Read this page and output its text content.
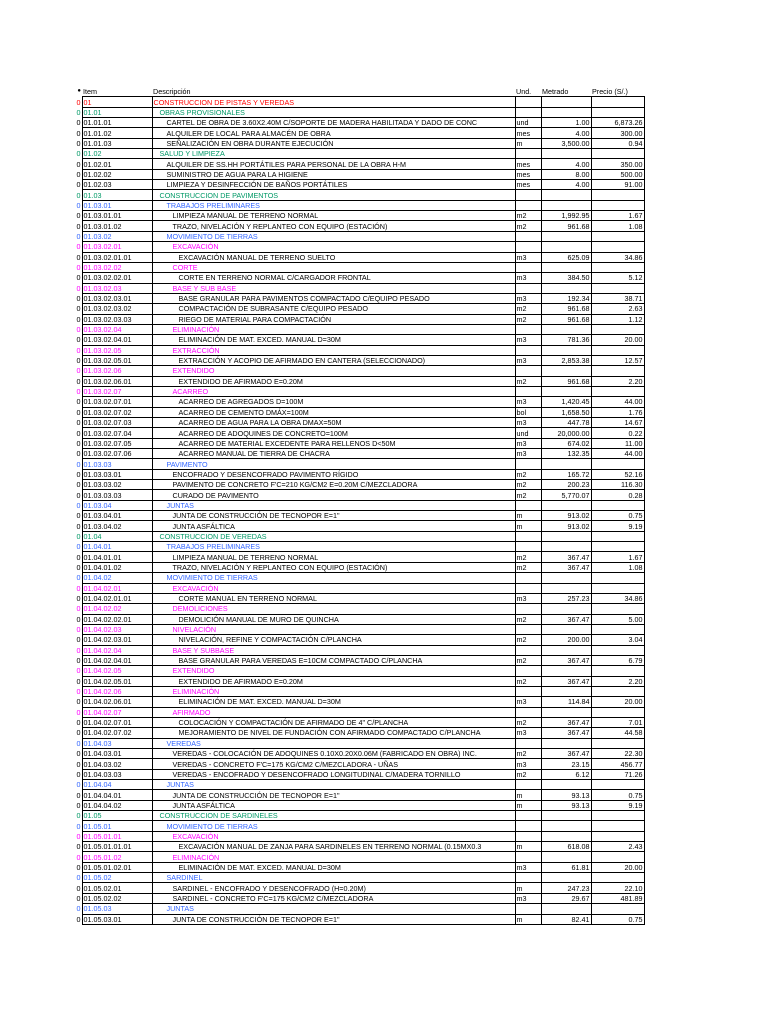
●	Item	Descripción	Und.	Metrado	Precio (S/.)
0	01	CONSTRUCCION DE PISTAS Y VEREDAS			
0	01.01	OBRAS PROVISIONALES			
0	01.01.01	CARTEL DE OBRA DE 3.60X2.40M C/SOPORTE DE MADERA HABILITADA Y DADO DE CONC	und	1.00	6,873.26
0	01.01.02	ALQUILER DE LOCAL PARA ALMACÉN DE OBRA	mes	4.00	300.00
0	01.01.03	SEÑALIZACIÓN EN OBRA DURANTE EJECUCIÓN	m	3,500.00	0.94
0	01.02	SALUD Y LIMPIEZA			
0	01.02.01	ALQUILER DE SS.HH PORTÁTILES PARA PERSONAL DE LA OBRA H-M	mes	4.00	350.00
0	01.02.02	SUMINISTRO DE AGUA PARA LA HIGIENE	mes	8.00	500.00
0	01.02.03	LIMPIEZA Y DESINFECCIÓN DE BAÑOS PORTÁTILES	mes	4.00	91.00
0	01.03	CONSTRUCCION DE PAVIMENTOS			
0	01.03.01	TRABAJOS PRELIMINARES			
0	01.03.01.01	LIMPIEZA MANUAL DE TERRENO NORMAL	m2	1,992.95	1.67
0	01.03.01.02	TRAZO, NIVELACIÓN Y REPLANTEO CON EQUIPO (ESTACIÓN)	m2	961.68	1.08
0	01.03.02	MOVIMIENTO DE TIERRAS			
0	01.03.02.01	EXCAVACIÓN			
0	01.03.02.01.01	EXCAVACIÓN MANUAL DE TERRENO SUELTO	m3	625.09	34.86
0	01.03.02.02	CORTE			
0	01.03.02.02.01	CORTE EN TERRENO NORMAL C/CARGADOR FRONTAL	m3	384.50	5.12
0	01.03.02.03	BASE Y SUB BASE			
0	01.03.02.03.01	BASE GRANULAR PARA PAVIMENTOS COMPACTADO C/EQUIPO PESADO	m3	192.34	38.71
0	01.03.02.03.02	COMPACTACIÓN DE SUBRASANTE C/EQUIPO PESADO	m2	961.68	2.63
0	01.03.02.03.03	RIEGO DE MATERIAL PARA COMPACTACIÓN	m2	961.68	1.12
0	01.03.02.04	ELIMINACIÓN			
0	01.03.02.04.01	ELIMINACIÓN DE MAT. EXCED. MANUAL D=30M	m3	781.36	20.00
0	01.03.02.05	EXTRACCIÓN			
0	01.03.02.05.01	EXTRACCIÓN Y ACOPIO DE AFIRMADO EN CANTERA (SELECCIONADO)	m3	2,853.38	12.57
0	01.03.02.06	EXTENDIDO			
0	01.03.02.06.01	EXTENDIDO DE AFIRMADO E=0.20M	m2	961.68	2.20
0	01.03.02.07	ACARREO			
0	01.03.02.07.01	ACARREO DE AGREGADOS D=100M	m3	1,420.45	44.00
0	01.03.02.07.02	ACARREO DE CEMENTO DMÁX=100M	bol	1,658.50	1.76
0	01.03.02.07.03	ACARREO DE AGUA PARA LA OBRA DMAX=50M	m3	447.78	14.67
0	01.03.02.07.04	ACARREO DE ADOQUINES DE CONCRETO=100M	und	20,000.00	0.22
0	01.03.02.07.05	ACARREO DE MATERIAL EXCEDENTE PARA RELLENOS D<50M	m3	674.02	11.00
0	01.03.02.07.06	ACARREO MANUAL DE TIERRA DE CHACRA	m3	132.35	44.00
0	01.03.03	PAVIMENTO			
0	01.03.03.01	ENCOFRADO Y DESENCOFRADO PAVIMENTO RÍGIDO	m2	165.72	52.16
0	01.03.03.02	PAVIMENTO DE CONCRETO F'C=210 KG/CM2 E=0.20M C/MEZCLADORA	m2	200.23	116.30
0	01.03.03.03	CURADO DE PAVIMENTO	m2	5,770.07	0.28
0	01.03.04	JUNTAS			
0	01.03.04.01	JUNTA DE CONSTRUCCIÓN DE TECNOPOR E=1"	m	913.02	0.75
0	01.03.04.02	JUNTA ASFÁLTICA	m	913.02	9.19
0	01.04	CONSTRUCCION DE VEREDAS			
0	01.04.01	TRABAJOS PRELIMINARES			
0	01.04.01.01	LIMPIEZA MANUAL DE TERRENO NORMAL	m2	367.47	1.67
0	01.04.01.02	TRAZO, NIVELACIÓN Y REPLANTEO CON EQUIPO (ESTACIÓN)	m2	367.47	1.08
0	01.04.02	MOVIMIENTO DE TIERRAS			
0	01.04.02.01	EXCAVACIÓN			
0	01.04.02.01.01	CORTE MANUAL EN TERRENO NORMAL	m3	257.23	34.86
0	01.04.02.02	DEMOLICIONES			
0	01.04.02.02.01	DEMOLICIÓN MANUAL DE MURO DE QUINCHA	m2	367.47	5.00
0	01.04.02.03	NIVELACIÓN			
0	01.04.02.03.01	NIVELACIÓN, REFINE Y COMPACTACIÓN C/PLANCHA	m2	200.00	3.04
0	01.04.02.04	BASE Y SUBBASE			
0	01.04.02.04.01	BASE GRANULAR PARA VEREDAS E=10CM COMPACTADO C/PLANCHA	m2	367.47	6.79
0	01.04.02.05	EXTENDIDO			
0	01.04.02.05.01	EXTENDIDO DE AFIRMADO E=0.20M	m2	367.47	2.20
0	01.04.02.06	ELIMINACIÓN			
0	01.04.02.06.01	ELIMINACIÓN DE MAT. EXCED. MANUAL D=30M	m3	114.84	20.00
0	01.04.02.07	AFIRMADO			
0	01.04.02.07.01	COLOCACIÓN Y COMPACTACIÓN DE AFIRMADO DE 4" C/PLANCHA	m2	367.47	7.01
0	01.04.02.07.02	MEJORAMIENTO DE NIVEL DE FUNDACIÓN CON AFIRMADO COMPACTADO C/PLANCHA	m3	367.47	44.58
0	01.04.03	VEREDAS			
0	01.04.03.01	VEREDAS - COLOCACIÓN DE ADOQUINES 0.10X0.20X0.06M (FABRICADO EN OBRA) INC.	m2	367.47	22.30
0	01.04.03.02	VEREDAS - CONCRETO F'C=175 KG/CM2 C/MEZCLADORA - UÑAS	m3	23.15	456.77
0	01.04.03.03	VEREDAS - ENCOFRADO Y DESENCOFRADO LONGITUDINAL C/MADERA TORNILLO	m2	6.12	71.26
0	01.04.04	JUNTAS			
0	01.04.04.01	JUNTA DE CONSTRUCCIÓN DE TECNOPOR E=1"	m	93.13	0.75
0	01.04.04.02	JUNTA ASFÁLTICA	m	93.13	9.19
0	01.05	CONSTRUCCION DE SARDINELES			
0	01.05.01	MOVIMIENTO DE TIERRAS			
0	01.05.01.01	EXCAVACIÓN			
0	01.05.01.01.01	EXCAVACIÓN MANUAL DE ZANJA PARA SARDINELES EN TERRENO NORMAL (0.15MX0.3	m	618.08	2.43
0	01.05.01.02	ELIMINACIÓN			
0	01.05.01.02.01	ELIMINACIÓN DE MAT. EXCED. MANUAL D=30M	m3	61.81	20.00
0	01.05.02	SARDINEL			
0	01.05.02.01	SARDINEL - ENCOFRADO Y DESENCOFRADO (H=0.20M)	m	247.23	22.10
0	01.05.02.02	SARDINEL - CONCRETO F'C=175 KG/CM2 C/MEZCLADORA	m3	29.67	481.89
0	01.05.03	JUNTAS			
0	01.05.03.01	JUNTA DE CONSTRUCCIÓN DE TECNOPOR E=1"	m	82.41	0.75
